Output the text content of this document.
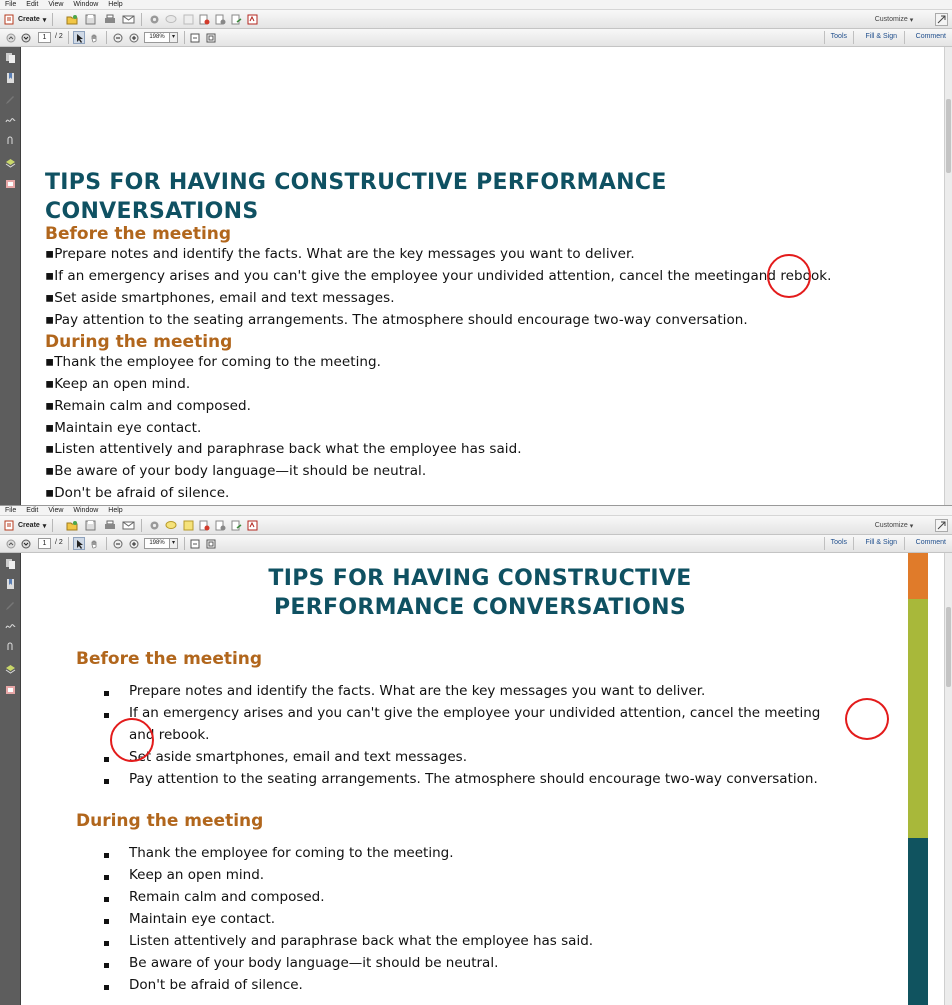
File	Edit	View	Window	Help
Create ▾	Customize
▾
1	/ 2	198%	▾	Tools	Fill & Sign	Comment
TIPS FOR HAVING CONSTRUCTIVE PERFORMANCE
CONVERSATIONS
Before the meeting
▪Prepare notes and identify the facts. What are the key messages you want to deliver.
▪If an emergency arises and you can't give the employee your undivided attention, cancel the meetingand rebook.
▪Set aside smartphones, email and text messages.
▪Pay attention to the seating arrangements. The atmosphere should encourage two-way conversation.
During the meeting
▪Thank the employee for coming to the meeting.
▪Keep an open mind.
▪Remain calm and composed.
▪Maintain eye contact.
▪Listen attentively and paraphrase back what the employee has said.
▪Be aware of your body language—it should be neutral.
▪Don't be afraid of silence.
File	Edit	View	Window	Help
Create ▾	Customize
▾
1	/ 2	198%	▾	Tools	Fill & Sign	Comment
TIPS FOR HAVING CONSTRUCTIVE
PERFORMANCE CONVERSATIONS
Before the meeting
Prepare notes and identify the facts. What are the key messages you want to deliver.
If an emergency arises and you can't give the employee your undivided attention, cancel the meeting
and rebook.
Set aside smartphones, email and text messages.
Pay attention to the seating arrangements. The atmosphere should encourage two-way conversation.
During the meeting
Thank the employee for coming to the meeting.
Keep an open mind.
Remain calm and composed.
Maintain eye contact.
Listen attentively and paraphrase back what the employee has said.
Be aware of your body language—it should be neutral.
Don't be afraid of silence.
